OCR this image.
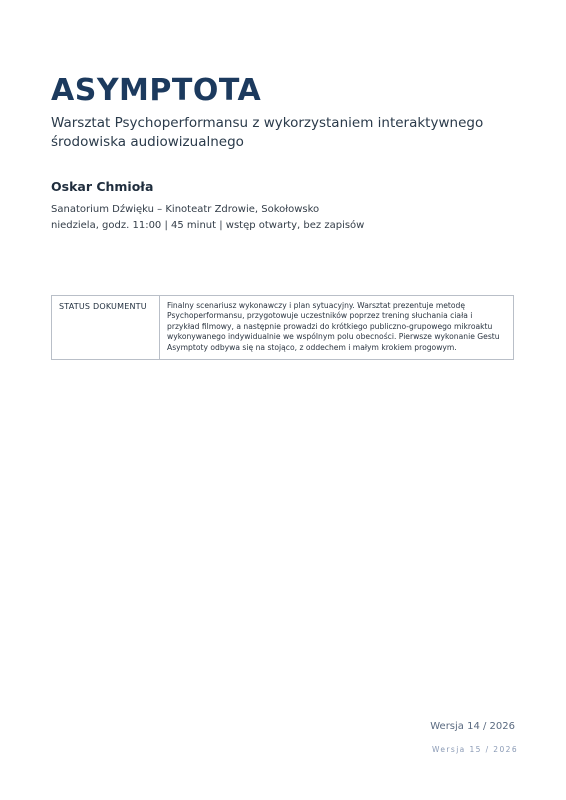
ASYMPTOTA

Warsztat Psychoperformansu z wykorzystaniem interaktywnego
środowiska audiowizualnego

Oskar Chmioła

Sanatorium Dźwięku – Kinoteatr Zdrowie, Sokołowsko

niedziela, godz. 11:00 | 45 minut | wstęp otwarty, bez zapisów

STATUS DOKUMENTU	Finalny scenariusz wykonawczy i plan sytuacyjny. Warsztat prezentuje metodę Psychoperformansu, przygotowuje uczestników poprzez trening słuchania ciała i przykład filmowy, a następnie prowadzi do krótkiego publiczno-grupowego mikroaktu wykonywanego indywidualnie we wspólnym polu obecności. Pierwsze wykonanie Gestu Asymptoty odbywa się na stojąco, z oddechem i małym krokiem progowym.
Wersja 14 / 2026
Wersja 15 / 2026
